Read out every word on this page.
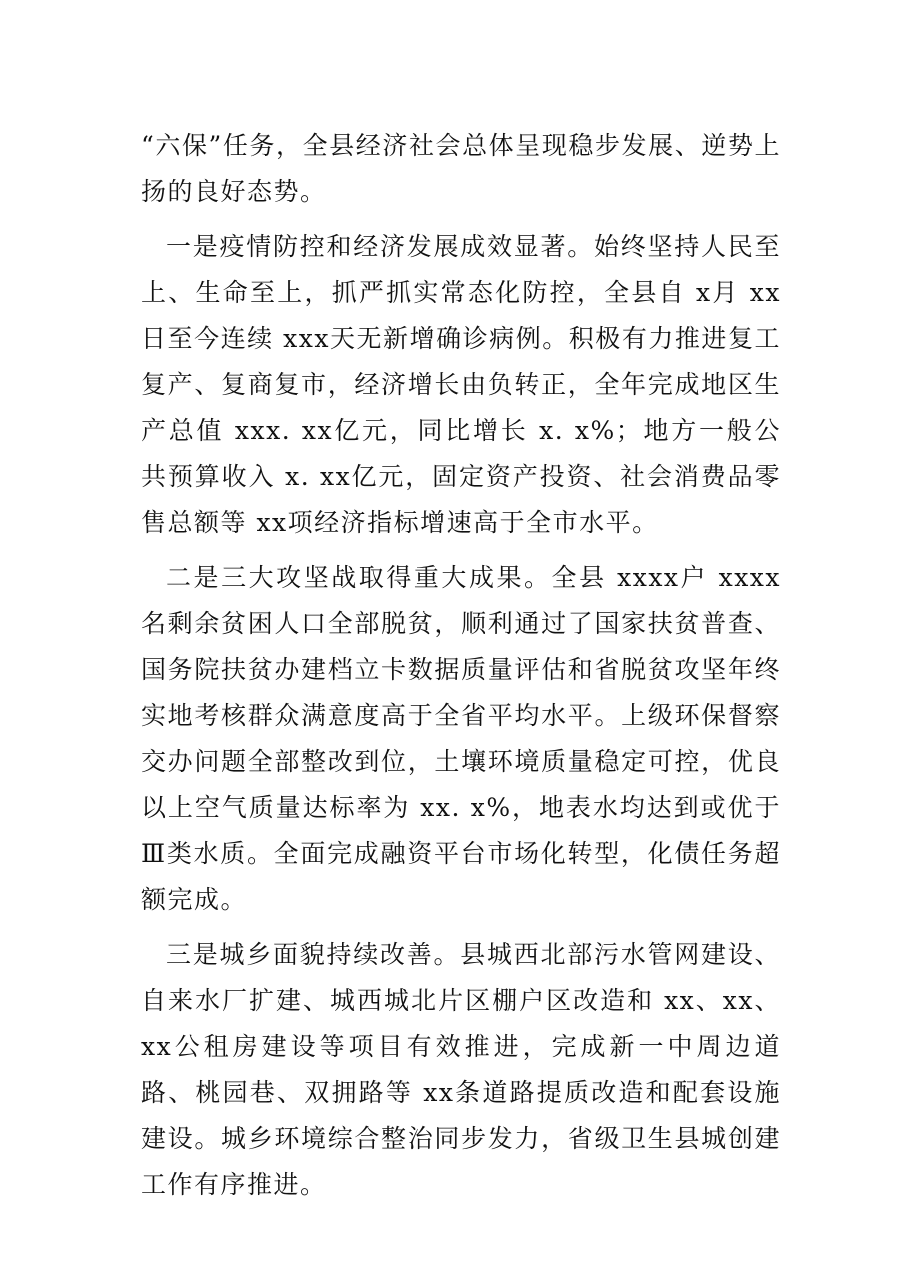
“六保”任务，全县经济社会总体呈现稳步发展、逆势上扬的良好态势。

一是疫情防控和经济发展成效显著。始终坚持人民至上、生命至上，抓严抓实常态化防控，全县自 x月 xx日至今连续 xxx天无新增确诊病例。积极有力推进复工复产、复商复市，经济增长由负转正，全年完成地区生产总值 xxx. xx亿元，同比增长 x. x%；地方一般公共预算收入 x. xx亿元，固定资产投资、社会消费品零售总额等 xx项经济指标增速高于全市水平。

二是三大攻坚战取得重大成果。全县 xxxx户 xxxx名剩余贫困人口全部脱贫，顺利通过了国家扶贫普查、国务院扶贫办建档立卡数据质量评估和省脱贫攻坚年终实地考核群众满意度高于全省平均水平。上级环保督察交办问题全部整改到位，土壤环境质量稳定可控，优良以上空气质量达标率为 xx. x%，地表水均达到或优于Ⅲ类水质。全面完成融资平台市场化转型，化债任务超额完成。

三是城乡面貌持续改善。县城西北部污水管网建设、自来水厂扩建、城西城北片区棚户区改造和 xx、xx、xx公租房建设等项目有效推进，完成新一中周边道路、桃园巷、双拥路等 xx条道路提质改造和配套设施建设。城乡环境综合整治同步发力，省级卫生县城创建工作有序推进。
